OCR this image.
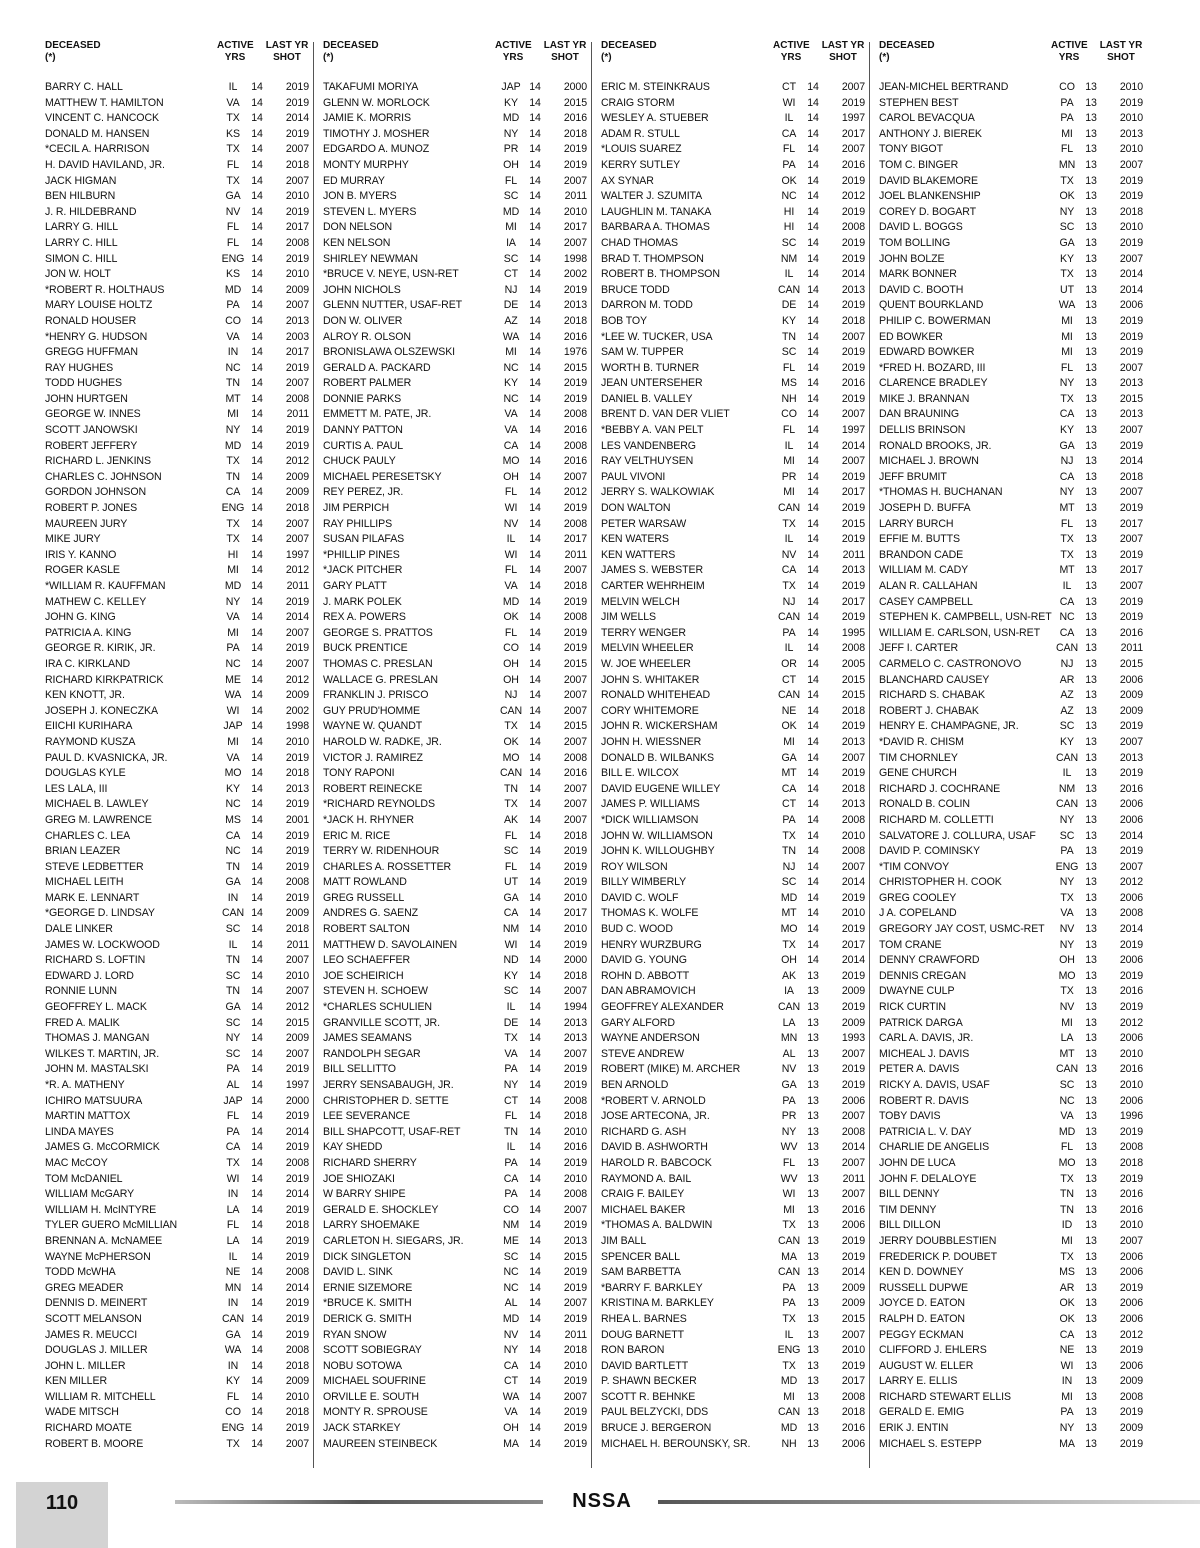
DECEASED
(*)
ACTIVE
YRS
LAST YR
SHOT
BARRY C. HALL	IL	14	2019
MATTHEW T. HAMILTON	VA	14	2019
VINCENT C. HANCOCK	TX	14	2014
DONALD M. HANSEN	KS	14	2019
*CECIL A. HARRISON	TX	14	2007
H. DAVID HAVILAND, JR.	FL	14	2018
JACK HIGMAN	TX	14	2007
BEN HILBURN	GA	14	2010
J. R. HILDEBRAND	NV	14	2019
LARRY G. HILL	FL	14	2017
LARRY C. HILL	FL	14	2008
SIMON C. HILL	ENG 14	2019
JON W. HOLT	KS	14	2010
*ROBERT R. HOLTHAUS	MD 14	2009
MARY LOUISE HOLTZ	PA	14	2007
RONALD HOUSER	CO 14	2013
*HENRY G. HUDSON	VA	14	2003
GREGG HUFFMAN	IN	14	2017
RAY HUGHES	NC	14	2019
TODD HUGHES	TN	14	2007
JOHN HURTGEN	MT	14	2008
GEORGE W. INNES	MI	14	2011
SCOTT JANOWSKI	NY	14	2019
ROBERT JEFFERY	MD 14	2019
RICHARD L. JENKINS	TX	14	2012
CHARLES C. JOHNSON	TN	14	2009
GORDON JOHNSON	CA	14	2009
ROBERT P. JONES	ENG 14	2018
MAUREEN JURY	TX	14	2007
MIKE JURY	TX	14	2007
IRIS Y. KANNO	HI	14	1997
ROGER KASLE	MI	14	2012
*WILLIAM R. KAUFFMAN	MD 14	2011
MATHEW C. KELLEY	NY	14	2019
JOHN G. KING	VA	14	2014
PATRICIA A. KING	MI	14	2007
GEORGE R. KIRIK, JR.	PA	14	2019
IRA C. KIRKLAND	NC	14	2007
RICHARD KIRKPATRICK	ME 14	2012
KEN KNOTT, JR.	WA 14	2009
JOSEPH J. KONECZKA	WI	14	2002
EIICHI KURIHARA	JAP 14	1998
RAYMOND KUSZA	MI	14	2010
PAUL D. KVASNICKA, JR.	VA	14	2019
DOUGLAS KYLE	MO 14	2018
LES LALA, III	KY	14	2013
MICHAEL B. LAWLEY	NC	14	2019
GREG M. LAWRENCE	MS 14	2001
CHARLES C. LEA	CA	14	2019
BRIAN LEAZER	NC	14	2019
STEVE LEDBETTER	TN	14	2019
MICHAEL LEITH	GA	14	2008
MARK E. LENNART	IN	14	2019
*GEORGE D. LINDSAY	CAN 14	2009
DALE LINKER	SC	14	2018
JAMES W. LOCKWOOD	IL	14	2011
RICHARD S. LOFTIN	TN	14	2007
EDWARD J. LORD	SC	14	2010
RONNIE LUNN	TN	14	2007
GEOFFREY L. MACK	GA	14	2012
FRED A. MALIK	SC	14	2015
THOMAS J. MANGAN	NY	14	2009
WILKES T. MARTIN, JR.	SC	14	2007
JOHN M. MASTALSKI	PA	14	2019
*R. A. MATHENY	AL	14	1997
ICHIRO MATSUURA	JAP 14	2000
MARTIN MATTOX	FL	14	2019
LINDA MAYES	PA	14	2014
JAMES G. McCORMICK	CA	14	2019
MAC McCOY	TX	14	2008
TOM McDANIEL	WI	14	2019
WILLIAM McGARY	IN	14	2014
WILLIAM H. McINTYRE	LA	14	2019
TYLER GUERO McMILLIAN	FL	14	2018
BRENNAN A. McNAMEE	LA	14	2019
WAYNE McPHERSON	IL	14	2019
TODD McWHA	NE	14	2008
GREG MEADER	MN 14	2014
DENNIS D. MEINERT	IN	14	2019
SCOTT MELANSON	CAN 14	2019
JAMES R. MEUCCI	GA	14	2019
DOUGLAS J. MILLER	WA 14	2008
JOHN L. MILLER	IN	14	2018
KEN MILLER	KY	14	2009
WILLIAM R. MITCHELL	FL	14	2010
WADE MITSCH	CO 14	2018
RICHARD MOATE	ENG 14	2019
ROBERT B. MOORE	TX	14	2007
DECEASED
(*)
ACTIVE
YRS
LAST YR
SHOT
TAKAFUMI MORIYA	JAP 14	2000
GLENN W. MORLOCK	KY	14	2015
JAMIE K. MORRIS	MD 14	2016
TIMOTHY J. MOSHER	NY	14	2018
EDGARDO A. MUNOZ	PR	14	2019
MONTY MURPHY	OH 14	2019
ED MURRAY	FL	14	2007
JON B. MYERS	SC	14	2011
STEVEN L. MYERS	MD 14	2010
DON NELSON	MI	14	2017
KEN NELSON	IA	14	2007
SHIRLEY NEWMAN	SC	14	1998
*BRUCE V. NEYE, USN-RET	CT	14	2002
JOHN NICHOLS	NJ	14	2019
GLENN NUTTER, USAF-RET	DE	14	2013
DON W. OLIVER	AZ	14	2018
ALROY R. OLSON	WA 14	2016
BRONISLAWA OLSZEWSKI	MI	14	1976
GERALD A. PACKARD	NC	14	2015
ROBERT PALMER	KY	14	2019
DONNIE PARKS	NC	14	2019
EMMETT M. PATE, JR.	VA	14	2008
DANNY PATTON	VA	14	2016
CURTIS A. PAUL	CA	14	2008
CHUCK PAULY	MO 14	2016
MICHAEL PERESETSKY	OH 14	2007
REY PEREZ, JR.	FL	14	2012
JIM PERPICH	WI	14	2019
RAY PHILLIPS	NV	14	2008
SUSAN PILAFAS	IL	14	2017
*PHILLIP PINES	WI	14	2011
*JACK PITCHER	FL	14	2007
GARY PLATT	VA	14	2018
J. MARK POLEK	MD 14	2019
REX A. POWERS	OK	14	2008
GEORGE S. PRATTOS	FL	14	2019
BUCK PRENTICE	CO 14	2019
THOMAS C. PRESLAN	OH 14	2015
WALLACE G. PRESLAN	OH 14	2007
FRANKLIN J. PRISCO	NJ	14	2007
GUY PRUD'HOMME	CAN 14	2007
WAYNE W. QUANDT	TX	14	2015
HAROLD W. RADKE, JR.	OK	14	2007
VICTOR J. RAMIREZ	MO 14	2008
TONY RAPONI	CAN 14	2016
ROBERT REINECKE	TN	14	2007
*RICHARD REYNOLDS	TX	14	2007
*JACK H. RHYNER	AK	14	2007
ERIC M. RICE	FL	14	2018
TERRY W. RIDENHOUR	SC	14	2019
CHARLES A. ROSSETTER	FL	14	2019
MATT ROWLAND	UT	14	2019
GREG RUSSELL	GA	14	2010
ANDRES G. SAENZ	CA	14	2017
ROBERT SALTON	NM 14	2010
MATTHEW D. SAVOLAINEN	WI	14	2019
LEO SCHAEFFER	ND	14	2000
JOE SCHEIRICH	KY	14	2018
STEVEN H. SCHOEW	SC	14	2007
*CHARLES SCHULIEN	IL	14	1994
GRANVILLE SCOTT, JR.	DE	14	2013
JAMES SEAMANS	TX	14	2013
RANDOLPH SEGAR	VA	14	2007
BILL SELLITTO	PA	14	2019
JERRY SENSABAUGH, JR.	NY	14	2019
CHRISTOPHER D. SETTE	CT	14	2008
LEE SEVERANCE	FL	14	2018
BILL SHAPCOTT, USAF-RET	TN	14	2010
KAY SHEDD	IL	14	2016
RICHARD SHERRY	PA	14	2019
JOE SHIOZAKI	CA	14	2010
W BARRY SHIPE	PA	14	2008
GERALD E. SHOCKLEY	CO 14	2007
LARRY SHOEMAKE	NM 14	2019
CARLETON H. SIEGARS, JR.	ME 14	2013
DICK SINGLETON	SC	14	2015
DAVID L. SINK	NC	14	2019
ERNIE SIZEMORE	NC	14	2019
*BRUCE K. SMITH	AL	14	2007
DERICK G. SMITH	MD 14	2019
RYAN SNOW	NV	14	2011
SCOTT SOBIEGRAY	NY	14	2018
NOBU SOTOWA	CA	14	2010
MICHAEL SOUFRINE	CT	14	2019
ORVILLE E. SOUTH	WA 14	2007
MONTY R. SPROUSE	VA	14	2019
JACK STARKEY	OH 14	2019
MAUREEN STEINBECK	MA 14	2019
DECEASED
(*)
ACTIVE
YRS
LAST YR
SHOT
ERIC M. STEINKRAUS	CT	14	2007
CRAIG STORM	WI	14	2019
WESLEY A. STUEBER	IL	14	1997
ADAM R. STULL	CA	14	2017
*LOUIS SUAREZ	FL	14	2007
KERRY SUTLEY	PA	14	2016
AX SYNAR	OK	14	2019
WALTER J. SZUMITA	NC	14	2012
LAUGHLIN M. TANAKA	HI	14	2019
BARBARA A. THOMAS	HI	14	2008
CHAD THOMAS	SC	14	2019
BRAD T. THOMPSON	NM 14	2019
ROBERT B. THOMPSON	IL	14	2014
BRUCE TODD	CAN 14	2013
DARRON M. TODD	DE	14	2019
BOB TOY	KY	14	2018
*LEE W. TUCKER, USA	TN	14	2007
SAM W. TUPPER	SC	14	2019
WORTH B. TURNER	FL	14	2019
JEAN UNTERSEHER	MS 14	2016
DANIEL B. VALLEY	NH	14	2019
BRENT D. VAN DER VLIET	CO 14	2007
*BEBBY A. VAN PELT	FL	14	1997
LES VANDENBERG	IL	14	2014
RAY VELTHUYSEN	MI	14	2007
PAUL VIVONI	PR	14	2019
JERRY S. WALKOWIAK	MI	14	2017
DON WALTON	CAN 14	2019
PETER WARSAW	TX	14	2015
KEN WATERS	IL	14	2019
KEN WATTERS	NV	14	2011
JAMES S. WEBSTER	CA	14	2013
CARTER WEHRHEIM	TX	14	2019
MELVIN WELCH	NJ	14	2017
JIM WELLS	CAN 14	2019
TERRY WENGER	PA	14	1995
MELVIN WHEELER	IL	14	2008
W. JOE WHEELER	OR 14	2005
JOHN S. WHITAKER	CT	14	2015
RONALD WHITEHEAD	CAN 14	2015
CORY WHITEMORE	NE	14	2018
JOHN R. WICKERSHAM	OK	14	2019
JOHN H. WIESSNER	MI	14	2013
DONALD B. WILBANKS	GA	14	2007
BILL E. WILCOX	MT	14	2019
DAVID EUGENE WILLEY	CA	14	2018
JAMES P. WILLIAMS	CT	14	2013
*DICK WILLIAMSON	PA	14	2008
JOHN W. WILLIAMSON	TX	14	2010
JOHN K. WILLOUGHBY	TN	14	2008
ROY WILSON	NJ	14	2007
BILLY WIMBERLY	SC	14	2014
DAVID C. WOLF	MD 14	2019
THOMAS K. WOLFE	MT	14	2010
BUD C. WOOD	MO 14	2019
HENRY WURZBURG	TX	14	2017
DAVID G. YOUNG	OH 14	2014
ROHN D. ABBOTT	AK	13	2019
DAN ABRAMOVICH	IA	13	2009
GEOFFREY ALEXANDER	CAN 13	2019
GARY ALFORD	LA	13	2009
WAYNE ANDERSON	MN 13	1993
STEVE ANDREW	AL	13	2007
ROBERT (MIKE) M. ARCHER	NV	13	2019
BEN ARNOLD	GA	13	2019
*ROBERT V. ARNOLD	PA	13	2006
JOSE ARTECONA, JR.	PR	13	2007
RICHARD G. ASH	NY	13	2008
DAVID B. ASHWORTH	WV 13	2014
HAROLD R. BABCOCK	FL	13	2007
RAYMOND A. BAIL	WV 13	2011
CRAIG F. BAILEY	WI	13	2007
MICHAEL BAKER	MI	13	2016
*THOMAS A. BALDWIN	TX	13	2006
JIM BALL	CAN 13	2019
SPENCER BALL	MA 13	2019
SAM BARBETTA	CAN 13	2014
*BARRY F. BARKLEY	PA	13	2009
KRISTINA M. BARKLEY	PA	13	2009
RHEA L. BARNES	TX	13	2015
DOUG BARNETT	IL	13	2007
RON BARON	ENG 13	2010
DAVID BARTLETT	TX	13	2019
P. SHAWN BECKER	MD 13	2017
SCOTT R. BEHNKE	MI	13	2008
PAUL BELZYCKI, DDS	CAN 13	2018
BRUCE J. BERGERON	MD 13	2016
MICHAEL H. BEROUNSKY, SR.	NH	13	2006
DECEASED
(*)
ACTIVE
YRS
LAST YR
SHOT
JEAN-MICHEL BERTRAND	CO 13	2010
STEPHEN BEST	PA	13	2019
CAROL BEVACQUA	PA	13	2010
ANTHONY J. BIEREK	MI	13	2013
TONY BIGOT	FL	13	2010
TOM C. BINGER	MN 13	2007
DAVID BLAKEMORE	TX	13	2019
JOEL BLANKENSHIP	OK	13	2019
COREY D. BOGART	NY	13	2018
DAVID L. BOGGS	SC	13	2010
TOM BOLLING	GA	13	2019
JOHN BOLZE	KY	13	2007
MARK BONNER	TX	13	2014
DAVID C. BOOTH	UT	13	2014
QUENT BOURKLAND	WA 13	2006
PHILIP C. BOWERMAN	MI	13	2019
ED BOWKER	MI	13	2019
EDWARD BOWKER	MI	13	2019
*FRED H. BOZARD, III	FL	13	2007
CLARENCE BRADLEY	NY	13	2013
MIKE J. BRANNAN	TX	13	2015
DAN BRAUNING	CA	13	2013
DELLIS BRINSON	KY	13	2007
RONALD BROOKS, JR.	GA	13	2019
MICHAEL J. BROWN	NJ	13	2014
JEFF BRUMIT	CA	13	2018
*THOMAS H. BUCHANAN	NY	13	2007
JOSEPH D. BUFFA	MT	13	2019
LARRY BURCH	FL	13	2017
EFFIE M. BUTTS	TX	13	2007
BRANDON CADE	TX	13	2019
WILLIAM M. CADY	MT	13	2017
ALAN R. CALLAHAN	IL	13	2007
CASEY CAMPBELL	CA	13	2019
STEPHEN K. CAMPBELL, USN-RET NC	13	2019
WILLIAM E. CARLSON, USN-RET	CA	13	2016
JEFF I. CARTER	CAN 13	2011
CARMELO C. CASTRONOVO	NJ	13	2015
BLANCHARD CAUSEY	AR	13	2006
RICHARD S. CHABAK	AZ	13	2009
ROBERT J. CHABAK	AZ	13	2009
HENRY E. CHAMPAGNE, JR.	SC	13	2019
*DAVID R. CHISM	KY	13	2007
TIM CHORNLEY	CAN 13	2013
GENE CHURCH	IL	13	2019
RICHARD J. COCHRANE	NM 13	2016
RONALD B. COLIN	CAN 13	2006
RICHARD M. COLLETTI	NY	13	2006
SALVATORE J. COLLURA, USAF	SC	13	2014
DAVID P. COMINSKY	PA	13	2019
*TIM CONVOY	ENG 13	2007
CHRISTOPHER H. COOK	NY	13	2012
GREG COOLEY	TX	13	2006
J A. COPELAND	VA	13	2008
GREGORY JAY COST, USMC-RET	NV	13	2014
TOM CRANE	NY	13	2019
DENNY CRAWFORD	OH 13	2006
DENNIS CREGAN	MO 13	2019
DWAYNE CULP	TX	13	2016
RICK CURTIN	NV	13	2019
PATRICK DARGA	MI	13	2012
CARL A. DAVIS, JR.	LA	13	2006
MICHEAL J. DAVIS	MT	13	2010
PETER A. DAVIS	CAN 13	2016
RICKY A. DAVIS, USAF	SC	13	2010
ROBERT R. DAVIS	NC	13	2006
TOBY DAVIS	VA	13	1996
PATRICIA L. V. DAY	MD 13	2019
CHARLIE DE ANGELIS	FL	13	2008
JOHN DE LUCA	MO 13	2018
JOHN F. DELALOYE	TX	13	2019
BILL DENNY	TN	13	2016
TIM DENNY	TN	13	2016
BILL DILLON	ID	13	2010
JERRY DOUBBLESTIEN	MI	13	2007
FREDERICK P. DOUBET	TX	13	2006
KEN D. DOWNEY	MS 13	2006
RUSSELL DUPWE	AR	13	2019
JOYCE D. EATON	OK	13	2006
RALPH D. EATON	OK	13	2006
PEGGY ECKMAN	CA	13	2012
CLIFFORD J. EHLERS	NE	13	2019
AUGUST W. ELLER	WI	13	2006
LARRY E. ELLIS	IN	13	2009
RICHARD STEWART ELLIS	MI	13	2008
GERALD E. EMIG	PA	13	2019
ERIK J. ENTIN	NY	13	2009
MICHAEL S. ESTEPP	MA 13	2019
110	NSSA
